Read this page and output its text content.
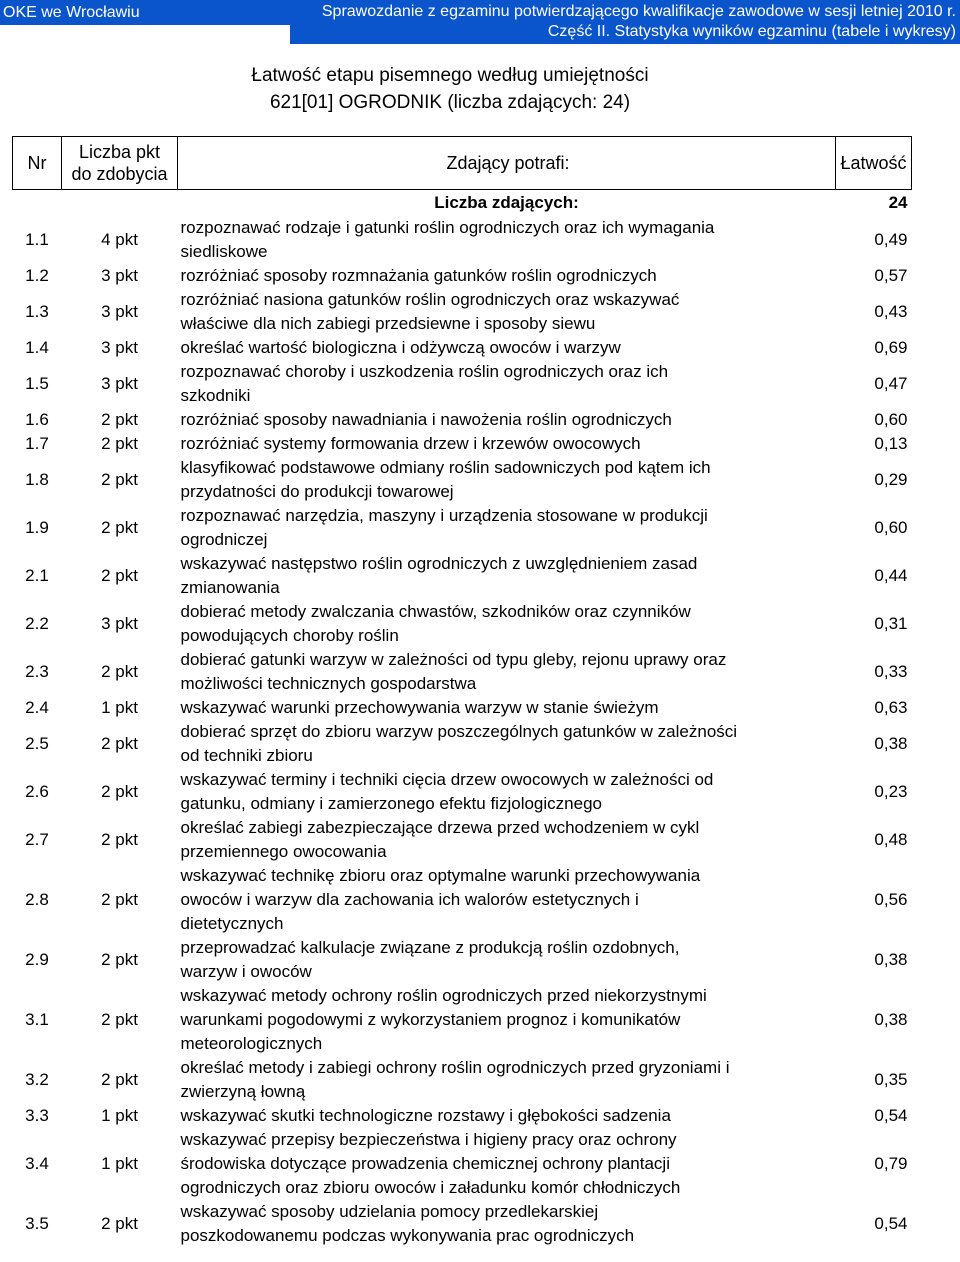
OKE we Wrocławiu	Sprawozdanie z egzaminu potwierdzającego kwalifikacje zawodowe w sesji letniej 2010 r.
Część II. Statystyka wyników egzaminu (tabele i wykresy)
Łatwość etapu pisemnego według umiejętności
621[01] OGRODNIK (liczba zdających: 24)
Nr	Liczba pkt
do zdobycia	Zdający potrafi:	Łatwość
		Liczba zdających:	24
1.1	4 pkt	rozpoznawać rodzaje i gatunki roślin ogrodniczych oraz ich wymagania
siedliskowe	0,49
1.2	3 pkt	rozróżniać sposoby rozmnażania gatunków roślin ogrodniczych	0,57
1.3	3 pkt	rozróżniać nasiona gatunków roślin ogrodniczych oraz wskazywać
właściwe dla nich zabiegi przedsiewne i sposoby siewu	0,43
1.4	3 pkt	określać wartość biologiczna i odżywczą owoców i warzyw	0,69
1.5	3 pkt	rozpoznawać choroby i uszkodzenia roślin ogrodniczych oraz ich
szkodniki	0,47
1.6	2 pkt	rozróżniać sposoby nawadniania i nawożenia roślin ogrodniczych	0,60
1.7	2 pkt	rozróżniać systemy formowania drzew i krzewów owocowych	0,13
1.8	2 pkt	klasyfikować podstawowe odmiany roślin sadowniczych pod kątem ich
przydatności do produkcji towarowej	0,29
1.9	2 pkt	rozpoznawać narzędzia, maszyny i urządzenia stosowane w produkcji
ogrodniczej	0,60
2.1	2 pkt	wskazywać następstwo roślin ogrodniczych z uwzględnieniem zasad
zmianowania	0,44
2.2	3 pkt	dobierać metody zwalczania chwastów, szkodników oraz czynników
powodujących choroby roślin	0,31
2.3	2 pkt	dobierać gatunki warzyw w zależności od typu gleby, rejonu uprawy oraz
możliwości technicznych gospodarstwa	0,33
2.4	1 pkt	wskazywać warunki przechowywania warzyw w stanie świeżym	0,63
2.5	2 pkt	dobierać sprzęt do zbioru warzyw poszczególnych gatunków w zależności
od techniki zbioru	0,38
2.6	2 pkt	wskazywać terminy i techniki cięcia drzew owocowych w zależności od
gatunku, odmiany i zamierzonego efektu fizjologicznego	0,23
2.7	2 pkt	określać zabiegi zabezpieczające drzewa przed wchodzeniem w cykl
przemiennego owocowania	0,48
2.8	2 pkt	wskazywać technikę zbioru oraz optymalne warunki przechowywania
owoców i warzyw dla zachowania ich walorów estetycznych i
dietetycznych	0,56
2.9	2 pkt	przeprowadzać kalkulacje związane z produkcją roślin ozdobnych,
warzyw i owoców	0,38
3.1	2 pkt	wskazywać metody ochrony roślin ogrodniczych przed niekorzystnymi
warunkami pogodowymi z wykorzystaniem prognoz i komunikatów
meteorologicznych	0,38
3.2	2 pkt	określać metody i zabiegi ochrony roślin ogrodniczych przed gryzoniami i
zwierzyną łowną	0,35
3.3	1 pkt	wskazywać skutki technologiczne rozstawy i głębokości sadzenia	0,54
3.4	1 pkt	wskazywać przepisy bezpieczeństwa i higieny pracy oraz ochrony
środowiska dotyczące prowadzenia chemicznej ochrony plantacji
ogrodniczych oraz zbioru owoców i załadunku komór chłodniczych	0,79
3.5	2 pkt	wskazywać sposoby udzielania pomocy przedlekarskiej
poszkodowanemu podczas wykonywania prac ogrodniczych	0,54
